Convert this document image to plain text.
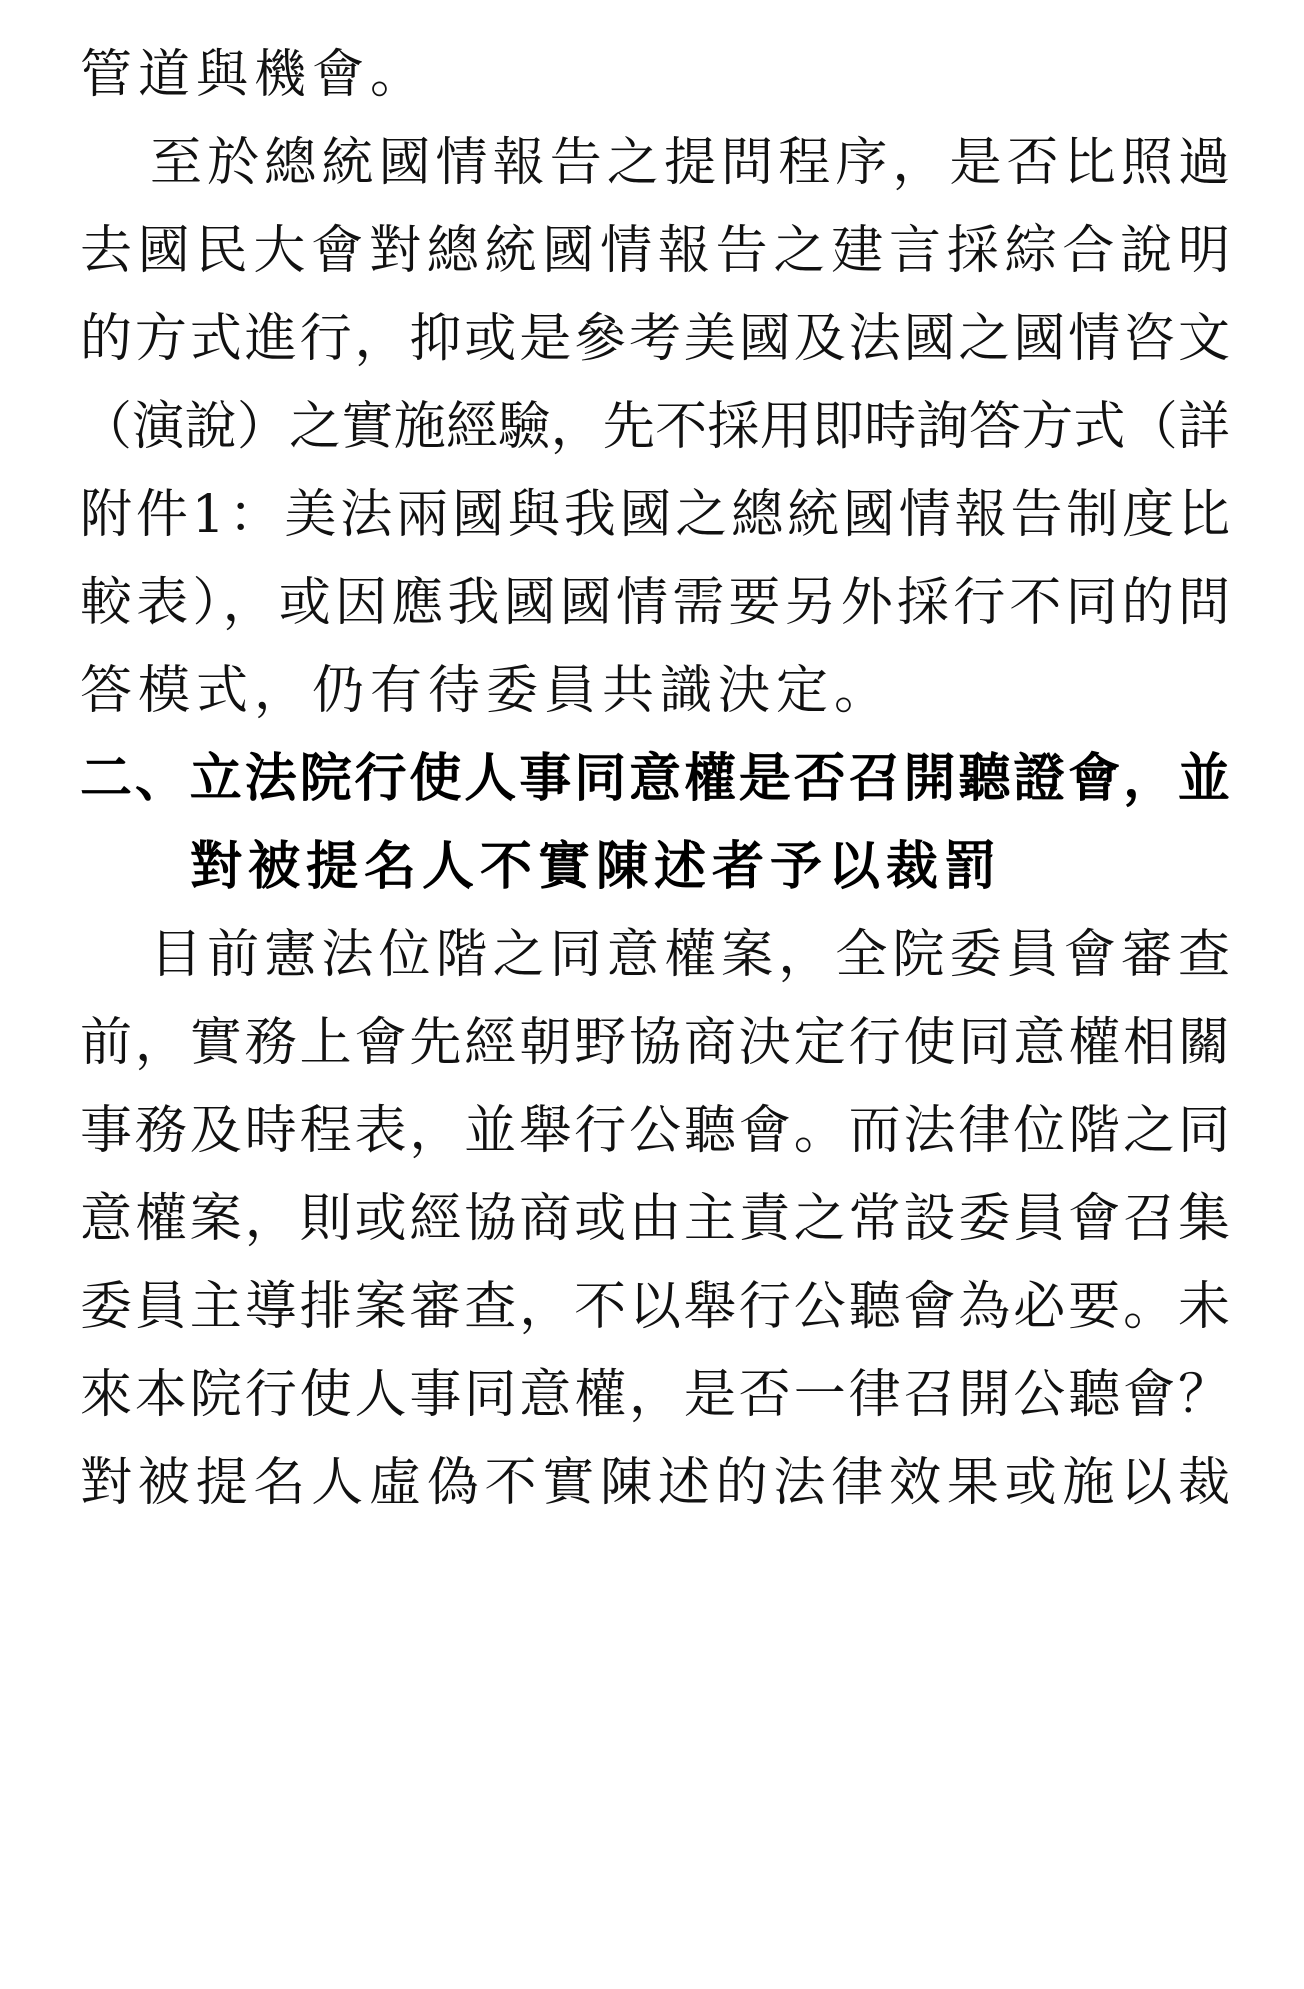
管道與機會。
至於總統國情報告之提問程序，是否比照過
去國民大會對總統國情報告之建言採綜合說明
的方式進行，抑或是參考美國及法國之國情咨文
（演說）之實施經驗，先不採用即時詢答方式（詳
附件1：美法兩國與我國之總統國情報告制度比
較表），或因應我國國情需要另外採行不同的問
答模式，仍有待委員共識決定。
二、立法院行使人事同意權是否召開聽證會，並
對被提名人不實陳述者予以裁罰
目前憲法位階之同意權案，全院委員會審查
前，實務上會先經朝野協商決定行使同意權相關
事務及時程表，並舉行公聽會。而法律位階之同
意權案，則或經協商或由主責之常設委員會召集
委員主導排案審查，不以舉行公聽會為必要。未
來本院行使人事同意權，是否一律召開公聽會？
對被提名人虛偽不實陳述的法律效果或施以裁
